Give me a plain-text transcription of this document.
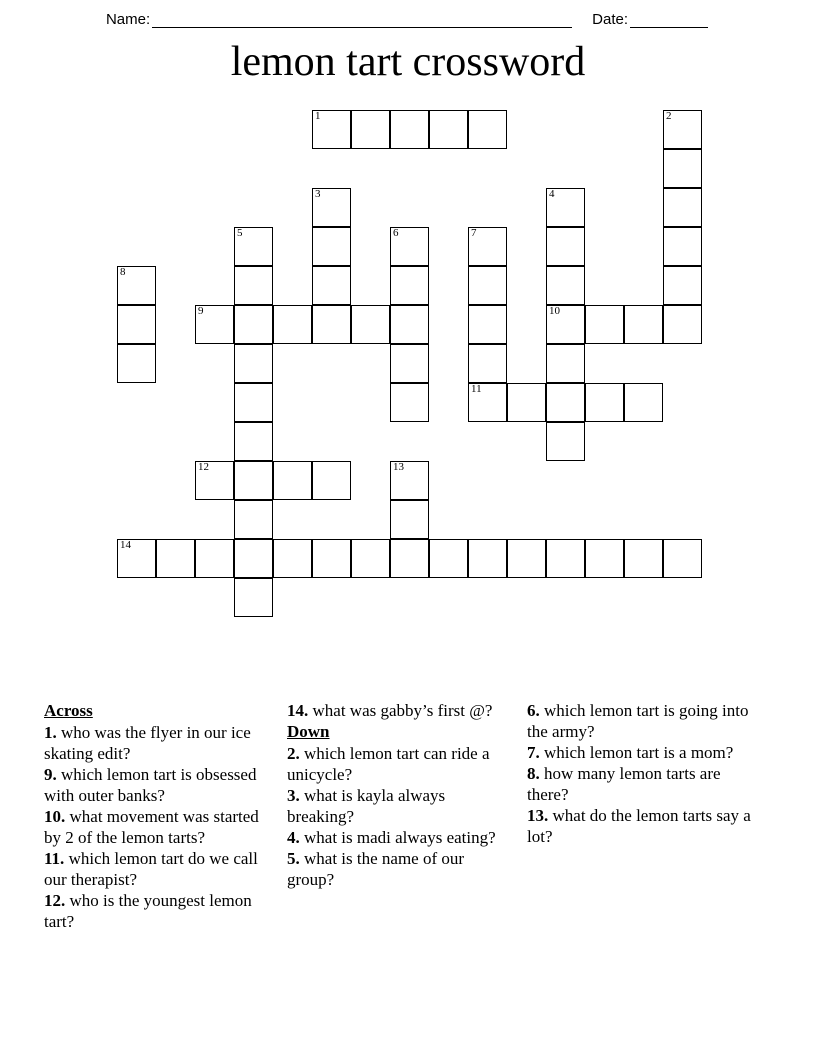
Name:	Date:
lemon tart crossword
1	2
3	4
5	6	7
8
9	10
11
12	13
14
Across

1. who was the flyer in our ice skating edit?

9. which lemon tart is obsessed with outer banks?

10. what movement was started by 2 of the lemon tarts?

11. which lemon tart do we call our therapist?

12. who is the youngest lemon tart?

14. what was gabby’s first @?

Down

2. which lemon tart can ride a unicycle?

3. what is kayla always breaking?

4. what is madi always eating?

5. what is the name of our group?

6. which lemon tart is going into the army?

7. which lemon tart is a mom?

8. how many lemon tarts are there?

13. what do the lemon tarts say a lot?
